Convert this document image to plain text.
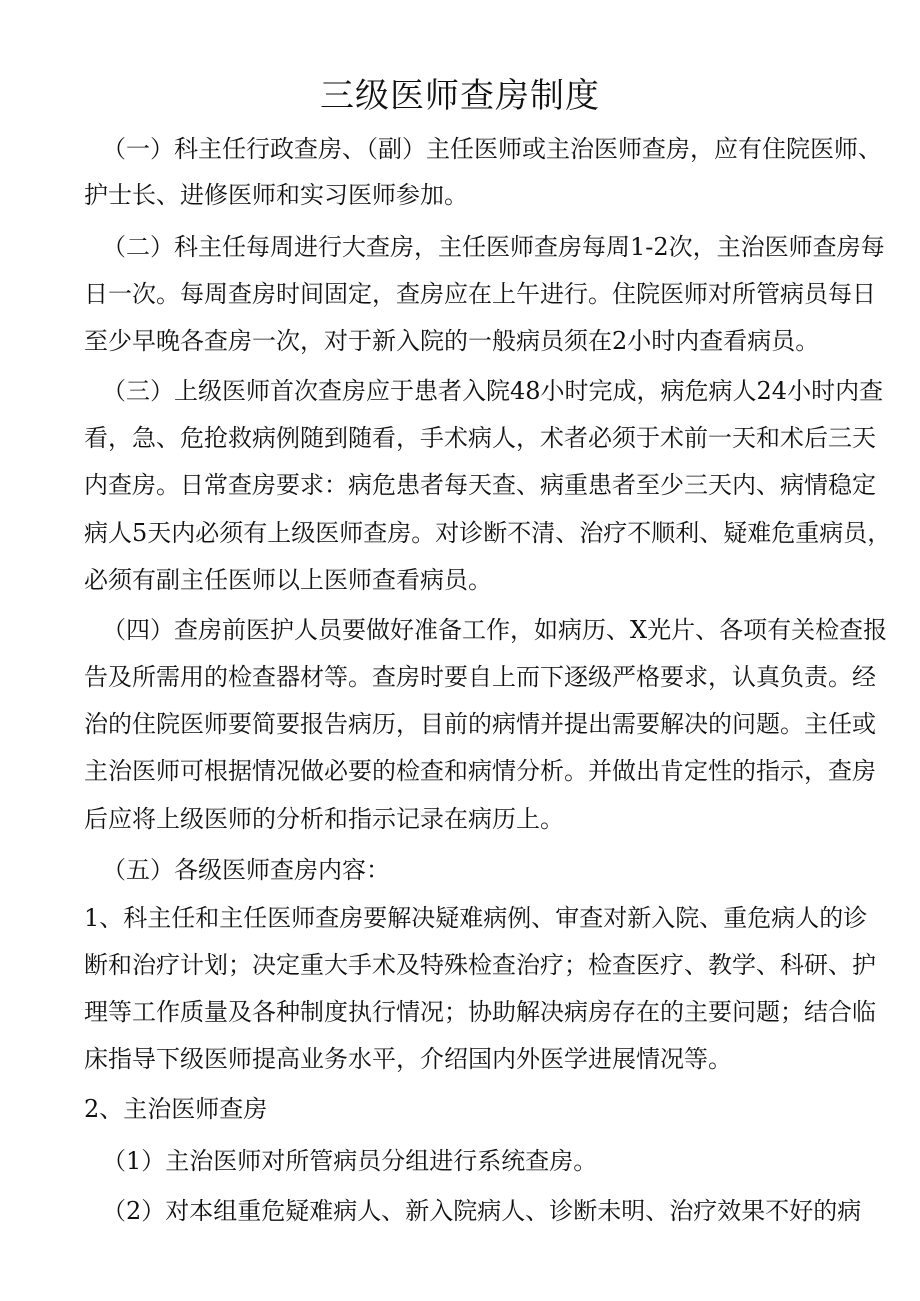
三级医师查房制度

（一）科主任行政查房、（副）主任医师或主治医师查房，应有住院医师、

护士长、进修医师和实习医师参加。

（二）科主任每周进行大查房，主任医师查房每周1-2次，主治医师查房每

日一次。每周查房时间固定，查房应在上午进行。住院医师对所管病员每日

至少早晚各查房一次，对于新入院的一般病员须在2小时内查看病员。

（三）上级医师首次查房应于患者入院48小时完成，病危病人24小时内查

看，急、危抢救病例随到随看，手术病人，术者必须于术前一天和术后三天

内查房。日常查房要求：病危患者每天查、病重患者至少三天内、病情稳定

病人5天内必须有上级医师查房。对诊断不清、治疗不顺利、疑难危重病员，

必须有副主任医师以上医师查看病员。

（四）查房前医护人员要做好准备工作，如病历、X光片、各项有关检查报

告及所需用的检查器材等。查房时要自上而下逐级严格要求，认真负责。经

治的住院医师要简要报告病历，目前的病情并提出需要解决的问题。主任或

主治医师可根据情况做必要的检查和病情分析。并做出肯定性的指示，查房

后应将上级医师的分析和指示记录在病历上。

（五）各级医师查房内容：

1、科主任和主任医师查房要解决疑难病例、审查对新入院、重危病人的诊

断和治疗计划；决定重大手术及特殊检查治疗；检查医疗、教学、科研、护

理等工作质量及各种制度执行情况；协助解决病房存在的主要问题；结合临

床指导下级医师提高业务水平，介绍国内外医学进展情况等。

2、主治医师查房

（1）主治医师对所管病员分组进行系统查房。

（2）对本组重危疑难病人、新入院病人、诊断未明、治疗效果不好的病
